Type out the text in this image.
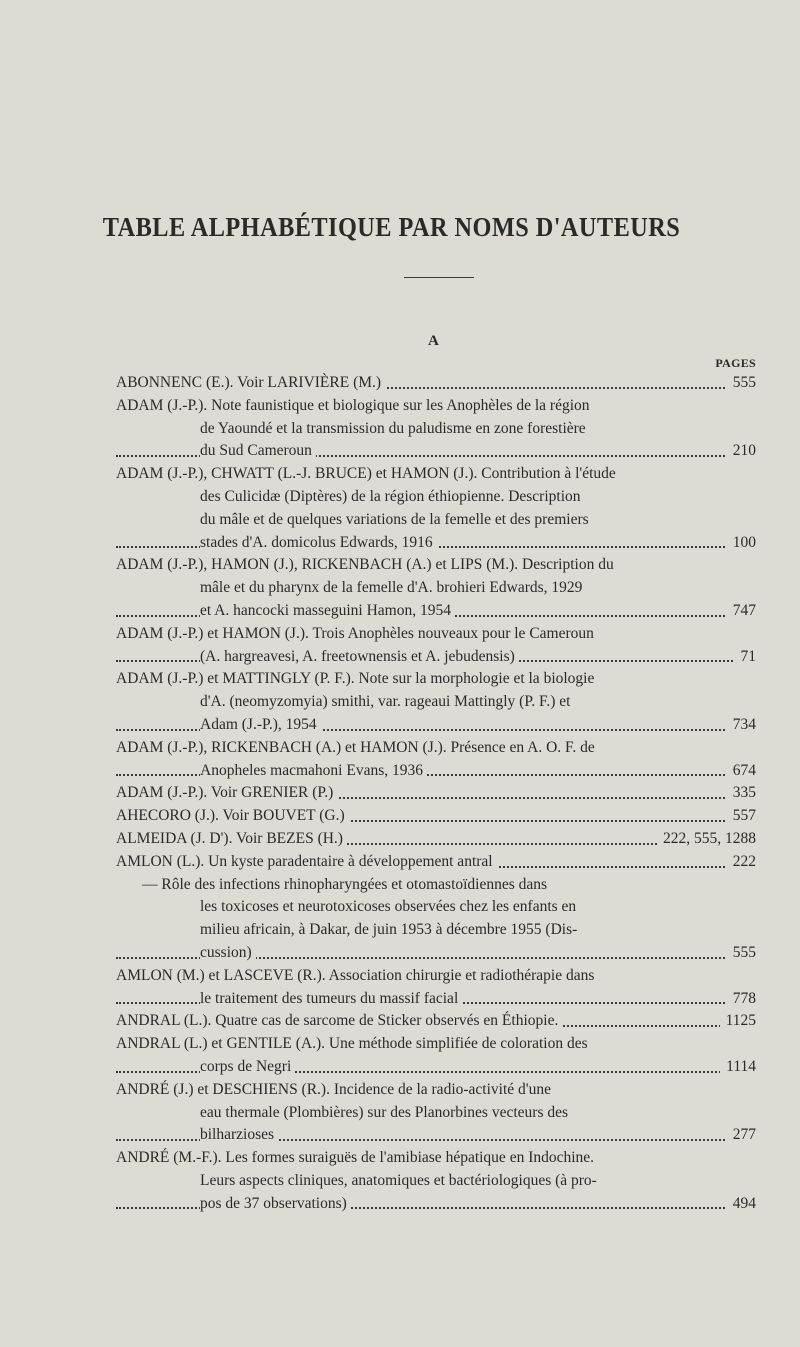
TABLE ALPHABÉTIQUE PAR NOMS D'AUTEURS
A
PAGES
ABONNENC (E.). Voir LARIVIÈRE (M.)	555
ADAM (J.-P.). Note faunistique et biologique sur les Anophèles de la région
de Yaoundé et la transmission du paludisme en zone forestière
du Sud Cameroun	210
ADAM (J.-P.), CHWATT (L.-J. BRUCE) et HAMON (J.). Contribution à l'étude
des Culicidæ (Diptères) de la région éthiopienne. Description
du mâle et de quelques variations de la femelle et des premiers
stades d'A. domicolus Edwards, 1916	100
ADAM (J.-P.), HAMON (J.), RICKENBACH (A.) et LIPS (M.). Description du
mâle et du pharynx de la femelle d'A. brohieri Edwards, 1929
et A. hancocki masseguini Hamon, 1954	747
ADAM (J.-P.) et HAMON (J.). Trois Anophèles nouveaux pour le Cameroun
(A. hargreavesi, A. freetownensis et A. jebudensis)	71
ADAM (J.-P.) et MATTINGLY (P. F.). Note sur la morphologie et la biologie
d'A. (neomyzomyia) smithi, var. rageaui Mattingly (P. F.) et
Adam (J.-P.), 1954	734
ADAM (J.-P.), RICKENBACH (A.) et HAMON (J.). Présence en A. O. F. de
Anopheles macmahoni Evans, 1936	674
ADAM (J.-P.). Voir GRENIER (P.)	335
AHECORO (J.). Voir BOUVET (G.)	557
ALMEIDA (J. D'). Voir BEZES (H.)	222, 555, 1288
AMLON (L.). Un kyste paradentaire à développement antral	222
— Rôle des infections rhinopharyngées et otomastoïdiennes dans
les toxicoses et neurotoxicoses observées chez les enfants en
milieu africain, à Dakar, de juin 1953 à décembre 1955 (Dis-
cussion)	555
AMLON (M.) et LASCEVE (R.). Association chirurgie et radiothérapie dans
le traitement des tumeurs du massif facial	778
ANDRAL (L.). Quatre cas de sarcome de Sticker observés en Éthiopie.	1125
ANDRAL (L.) et GENTILE (A.). Une méthode simplifiée de coloration des
corps de Negri	1114
ANDRÉ (J.) et DESCHIENS (R.). Incidence de la radio-activité d'une
eau thermale (Plombières) sur des Planorbines vecteurs des
bilharzioses	277
ANDRÉ (M.-F.). Les formes suraiguës de l'amibiase hépatique en Indochine.
Leurs aspects cliniques, anatomiques et bactériologiques (à pro-
pos de 37 observations)	494
